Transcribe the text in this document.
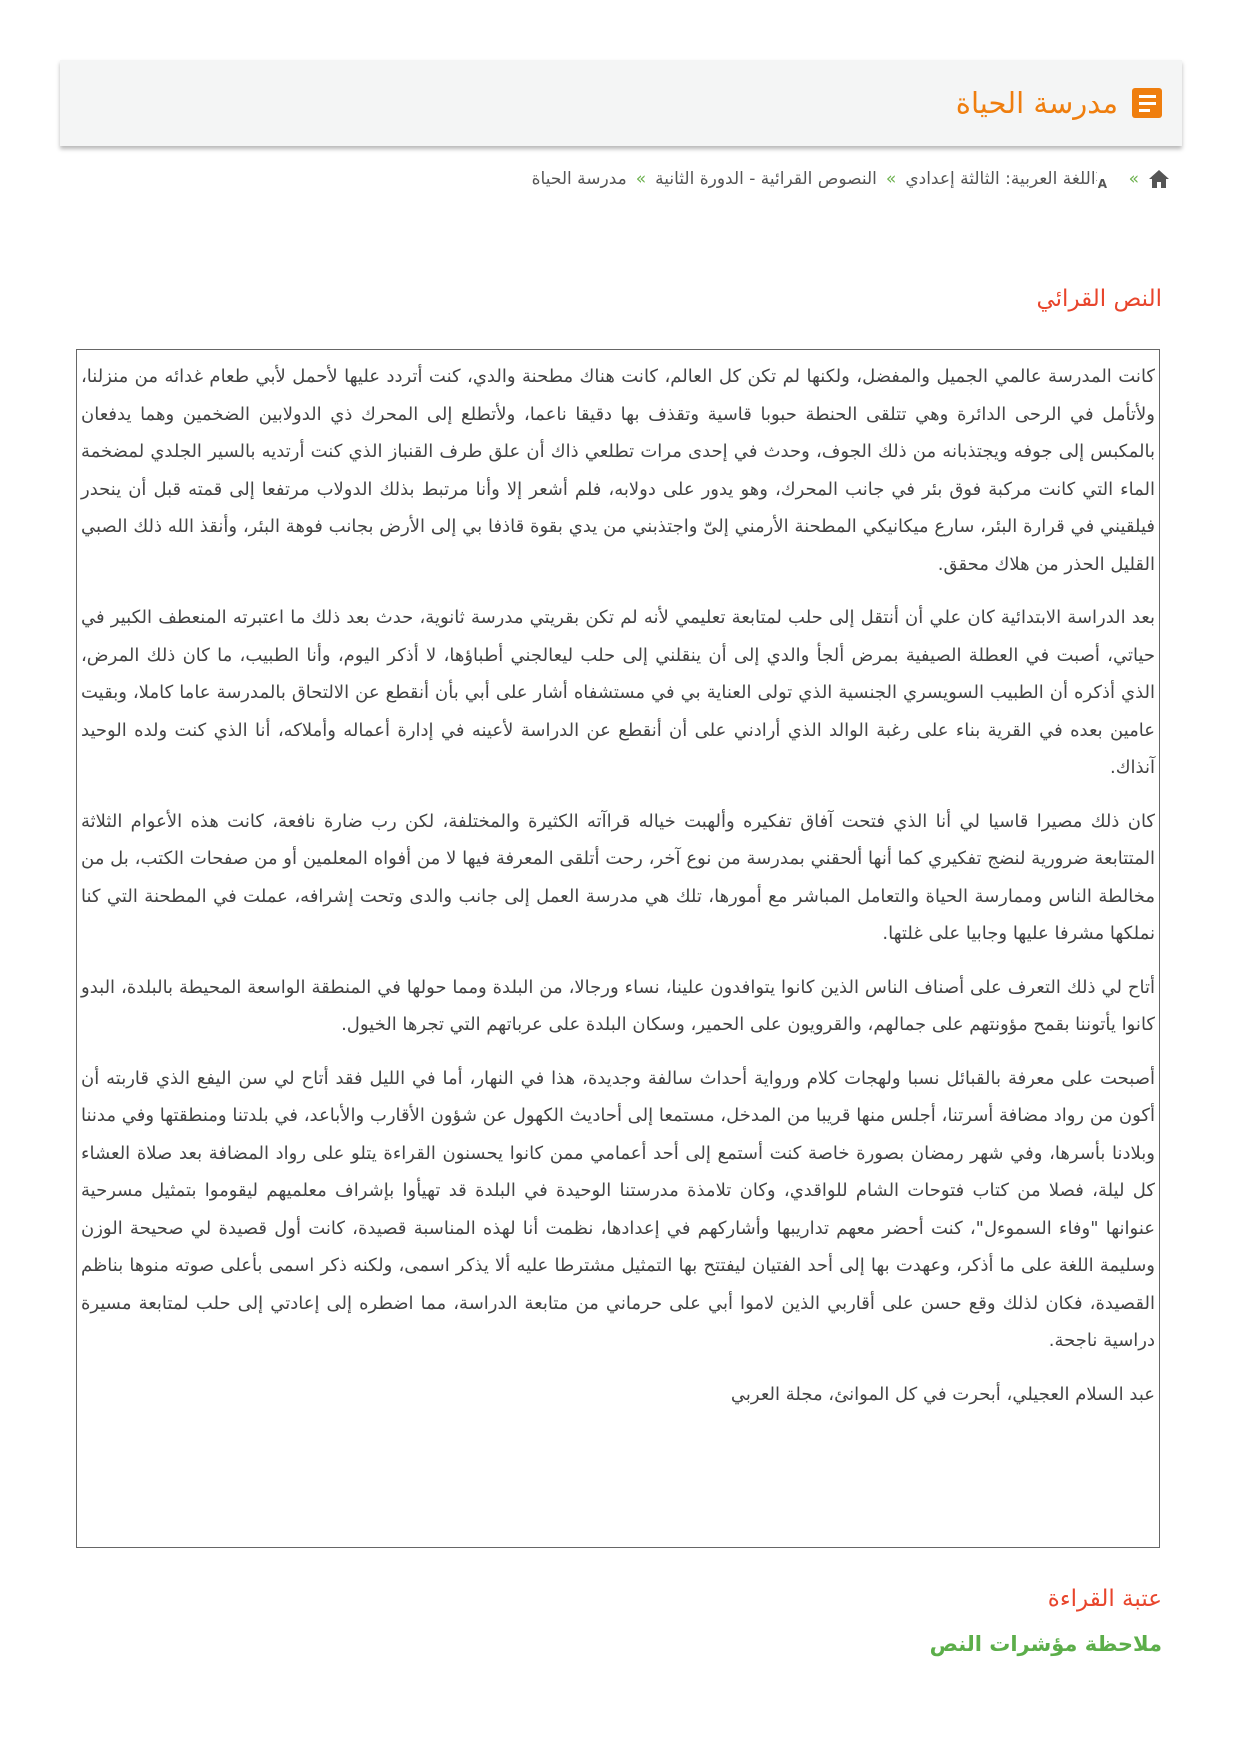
مدرسة الحياة
»
A
اللغة العربية: الثالثة إعدادي
»
النصوص القرائية - الدورة الثانية
»
مدرسة الحياة
النص القرائي

كانت المدرسة عالمي الجميل والمفضل، ولكنها لم تكن كل العالم، كانت هناك مطحنة والدي، كنت أتردد عليها لأحمل لأبي طعام غدائه من منزلنا، ولأتأمل في الرحى الدائرة وهي تتلقى الحنطة حبوبا قاسية وتقذف بها دقيقا ناعما، ولأتطلع إلى المحرك ذي الدولابين الضخمين وهما يدفعان بالمكبس إلى جوفه ويجتذبانه من ذلك الجوف، وحدث في إحدى مرات تطلعي ذاك أن علق طرف القنباز الذي كنت أرتديه بالسير الجلدي لمضخمة الماء التي كانت مركبة فوق بئر في جانب المحرك، وهو يدور على دولابه، فلم أشعر إلا وأنا مرتبط بذلك الدولاب مرتفعا إلى قمته قبل أن ينحدر فيلقيني في قرارة البئر، سارع ميكانيكي المطحنة الأرمني إلىّ واجتذبني من يدي بقوة قاذفا بي إلى الأرض بجانب فوهة البئر، وأنقذ الله ذلك الصبي القليل الحذر من هلاك محقق.

بعد الدراسة الابتدائية كان علي أن أنتقل إلى حلب لمتابعة تعليمي لأنه لم تكن بقريتي مدرسة ثانوية، حدث بعد ذلك ما اعتبرته المنعطف الكبير في حياتي، أصبت في العطلة الصيفية بمرض ألجأ والدي إلى أن ينقلني إلى حلب ليعالجني أطباؤها، لا أذكر اليوم، وأنا الطبيب، ما كان ذلك المرض، الذي أذكره أن الطبيب السويسري الجنسية الذي تولى العناية بي في مستشفاه أشار على أبي بأن أنقطع عن الالتحاق بالمدرسة عاما كاملا، وبقيت عامين بعده في القرية بناء على رغبة الوالد الذي أرادني على أن أنقطع عن الدراسة لأعينه في إدارة أعماله وأملاكه، أنا الذي كنت ولده الوحيد آنذاك.

كان ذلك مصيرا قاسيا لي أنا الذي فتحت آفاق تفكيره وألهبت خياله قراآته الكثيرة والمختلفة، لكن رب ضارة نافعة، كانت هذه الأعوام الثلاثة المتتابعة ضرورية لنضج تفكيري كما أنها ألحقني بمدرسة من نوع آخر، رحت أتلقى المعرفة فيها لا من أفواه المعلمين أو من صفحات الكتب، بل من مخالطة الناس وممارسة الحياة والتعامل المباشر مع أمورها، تلك هي مدرسة العمل إلى جانب والدى وتحت إشرافه، عملت في المطحنة التي كنا نملكها مشرفا عليها وجابيا على غلتها.

أتاح لي ذلك التعرف على أصناف الناس الذين كانوا يتوافدون علينا، نساء ورجالا، من البلدة ومما حولها في المنطقة الواسعة المحيطة بالبلدة، البدو كانوا يأتوننا بقمح مؤونتهم على جمالهم، والقرويون على الحمير، وسكان البلدة على عرباتهم التي تجرها الخيول.

أصبحت على معرفة بالقبائل نسبا ولهجات كلام ورواية أحداث سالفة وجديدة، هذا في النهار، أما في الليل فقد أتاح لي سن اليفع الذي قاربته أن أكون من رواد مضافة أسرتنا، أجلس منها قريبا من المدخل، مستمعا إلى أحاديث الكهول عن شؤون الأقارب والأباعد، في بلدتنا ومنطقتها وفي مدننا وبلادنا بأسرها، وفي شهر رمضان بصورة خاصة كنت أستمع إلى أحد أعمامي ممن كانوا يحسنون القراءة يتلو على رواد المضافة بعد صلاة العشاء كل ليلة، فصلا من كتاب فتوحات الشام للواقدي، وكان تلامذة مدرستنا الوحيدة في البلدة قد تهيأوا بإشراف معلميهم ليقوموا بتمثيل مسرحية عنوانها "وفاء السموءل"، كنت أحضر معهم تداريبها وأشاركهم في إعدادها، نظمت أنا لهذه المناسبة قصيدة، كانت أول قصيدة لي صحيحة الوزن وسليمة اللغة على ما أذكر، وعهدت بها إلى أحد الفتيان ليفتتح بها التمثيل مشترطا عليه ألا يذكر اسمى، ولكنه ذكر اسمى بأعلى صوته منوها بناظم القصيدة، فكان لذلك وقع حسن على أقاربي الذين لاموا أبي على حرماني من متابعة الدراسة، مما اضطره إلى إعادتي إلى حلب لمتابعة مسيرة دراسية ناجحة.

عبد السلام العجيلي، أبحرت في كل الموانئ، مجلة العربي

عتبة القراءة
ملاحظة مؤشرات النص
